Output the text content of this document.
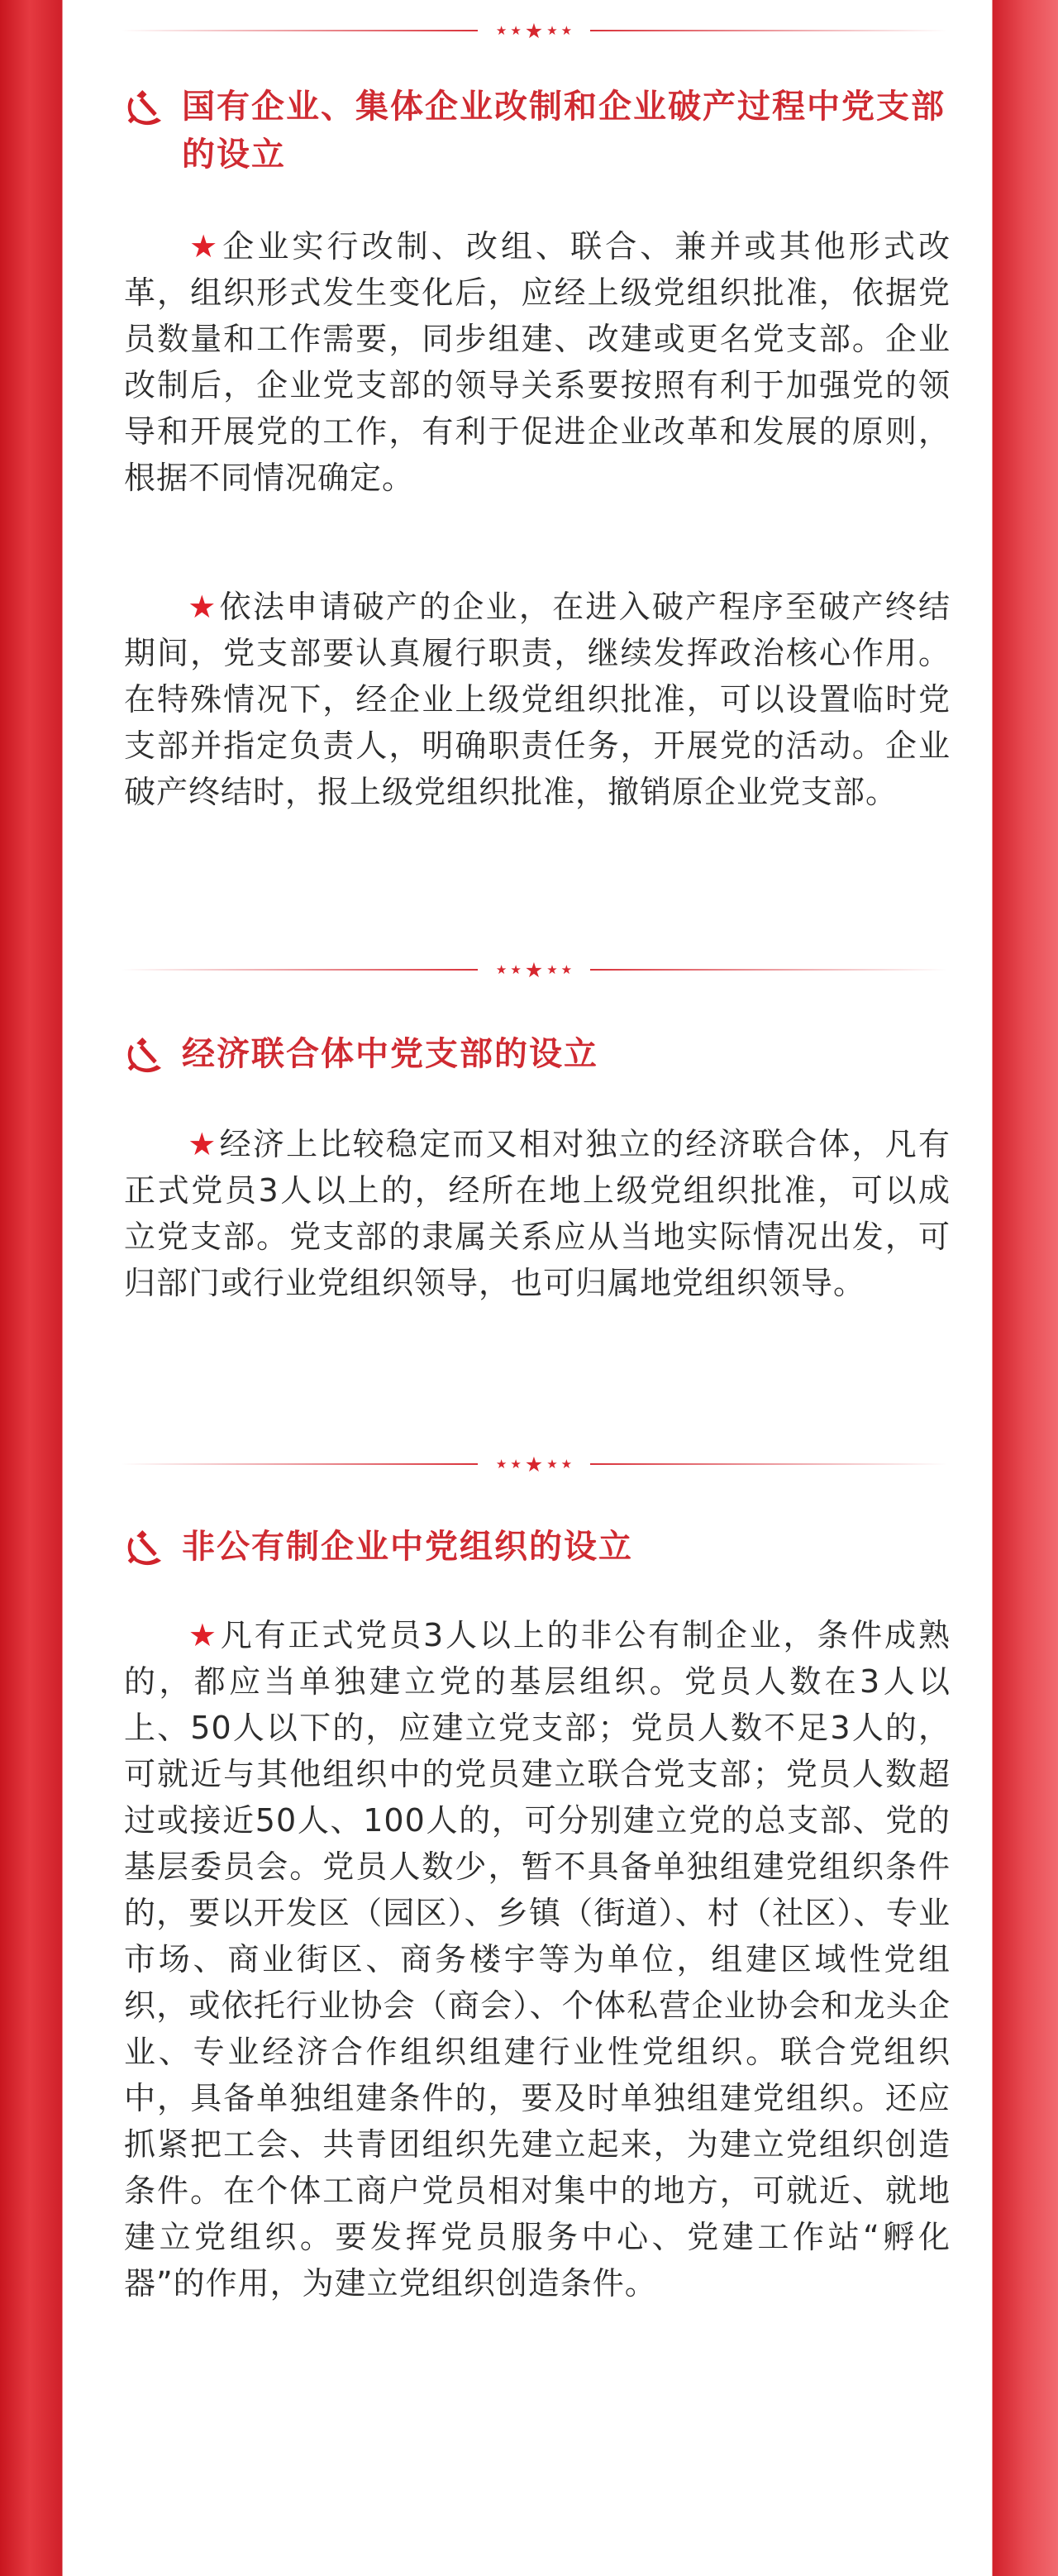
★ ★ ★ ★ ★
国有企业、集体企业改制和企业破产过程中党支部的设立

★企业实行改制、改组、联合、兼并或其他形式改革，组织形式发生变化后，应经上级党组织批准，依据党员数量和工作需要，同步组建、改建或更名党支部。企业改制后，企业党支部的领导关系要按照有利于加强党的领导和开展党的工作，有利于促进企业改革和发展的原则，根据不同情况确定。

★依法申请破产的企业，在进入破产程序至破产终结期间，党支部要认真履行职责，继续发挥政治核心作用。在特殊情况下，经企业上级党组织批准，可以设置临时党支部并指定负责人，明确职责任务，开展党的活动。企业破产终结时，报上级党组织批准，撤销原企业党支部。

★ ★ ★ ★ ★
经济联合体中党支部的设立

★经济上比较稳定而又相对独立的经济联合体，凡有正式党员3人以上的，经所在地上级党组织批准，可以成立党支部。党支部的隶属关系应从当地实际情况出发，可归部门或行业党组织领导，也可归属地党组织领导。

★ ★ ★ ★ ★
非公有制企业中党组织的设立

★凡有正式党员3人以上的非公有制企业，条件成熟的，都应当单独建立党的基层组织。党员人数在3人以上、50人以下的，应建立党支部；党员人数不足3人的，可就近与其他组织中的党员建立联合党支部；党员人数超过或接近50人、100人的，可分别建立党的总支部、党的基层委员会。党员人数少，暂不具备单独组建党组织条件的，要以开发区（园区）、乡镇（街道）、村（社区）、专业市场、商业街区、商务楼宇等为单位，组建区域性党组织，或依托行业协会（商会）、个体私营企业协会和龙头企业、专业经济合作组织组建行业性党组织。联合党组织中，具备单独组建条件的，要及时单独组建党组织。还应抓紧把工会、共青团组织先建立起来，为建立党组织创造条件。在个体工商户党员相对集中的地方，可就近、就地建立党组织。要发挥党员服务中心、党建工作站“孵化器”的作用，为建立党组织创造条件。
